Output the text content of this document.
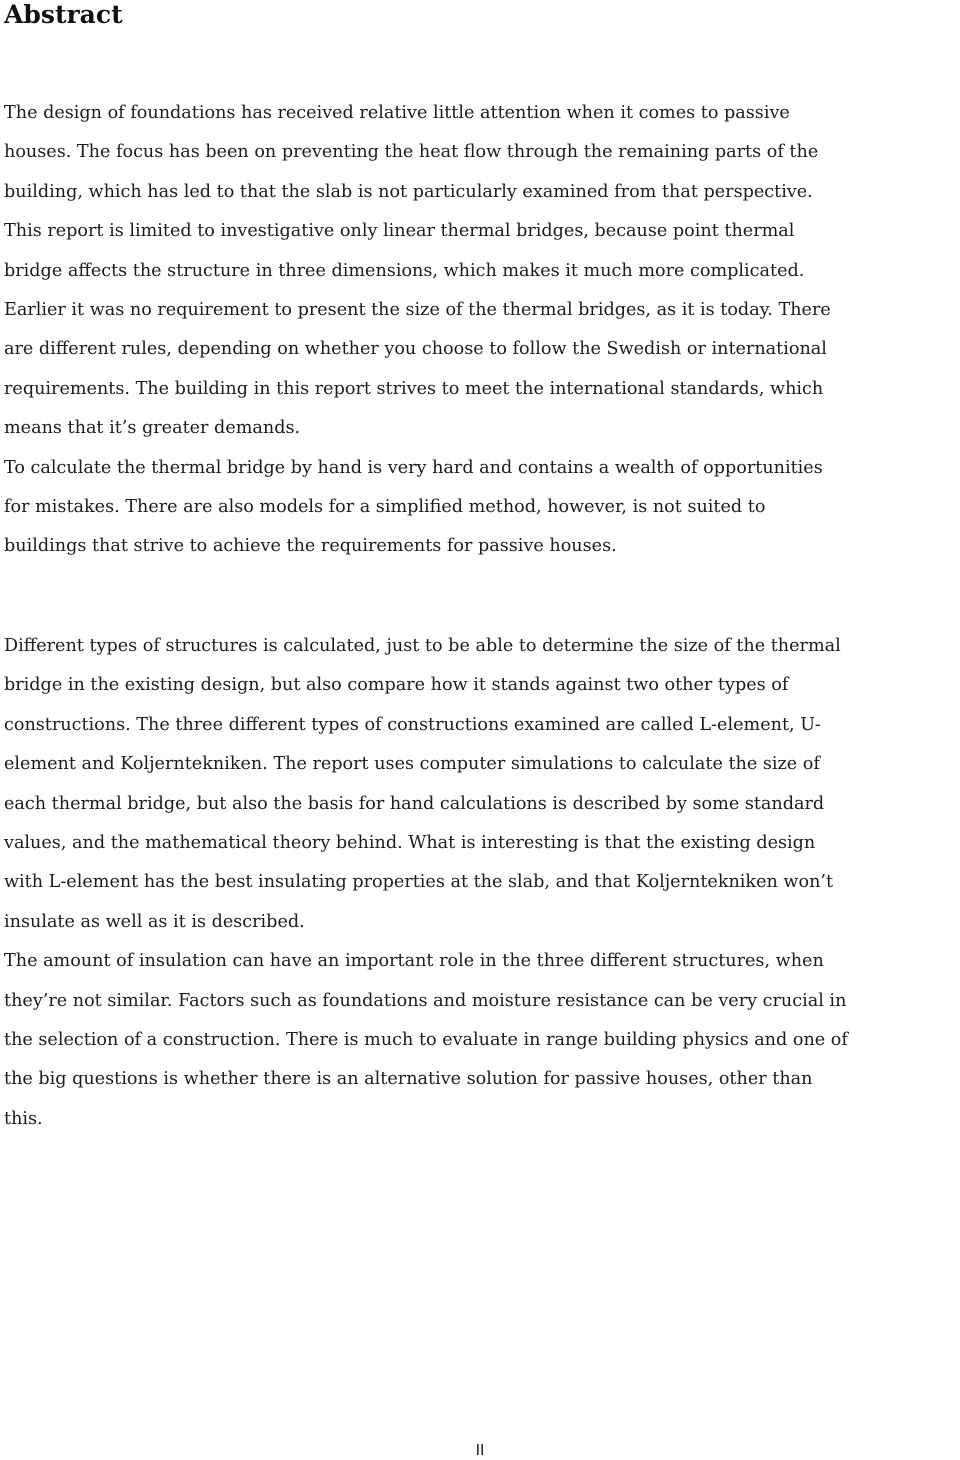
Abstract
The design of foundations has received relative little attention when it comes to passive
houses. The focus has been on preventing the heat flow through the remaining parts of the
building, which has led to that the slab is not particularly examined from that perspective.
This report is limited to investigative only linear thermal bridges, because point thermal
bridge affects the structure in three dimensions, which makes it much more complicated.
Earlier it was no requirement to present the size of the thermal bridges, as it is today. There
are different rules, depending on whether you choose to follow the Swedish or international
requirements. The building in this report strives to meet the international standards, which
means that it’s greater demands.
To calculate the thermal bridge by hand is very hard and contains a wealth of opportunities
for mistakes. There are also models for a simplified method, however, is not suited to
buildings that strive to achieve the requirements for passive houses.
Different types of structures is calculated, just to be able to determine the size of the thermal
bridge in the existing design, but also compare how it stands against two other types of
constructions. The three different types of constructions examined are called L-element, U-
element and Koljerntekniken. The report uses computer simulations to calculate the size of
each thermal bridge, but also the basis for hand calculations is described by some standard
values, and the mathematical theory behind. What is interesting is that the existing design
with L-element has the best insulating properties at the slab, and that Koljerntekniken won’t
insulate as well as it is described.
The amount of insulation can have an important role in the three different structures, when
they’re not similar. Factors such as foundations and moisture resistance can be very crucial in
the selection of a construction. There is much to evaluate in range building physics and one of
the big questions is whether there is an alternative solution for passive houses, other than
this.
II
